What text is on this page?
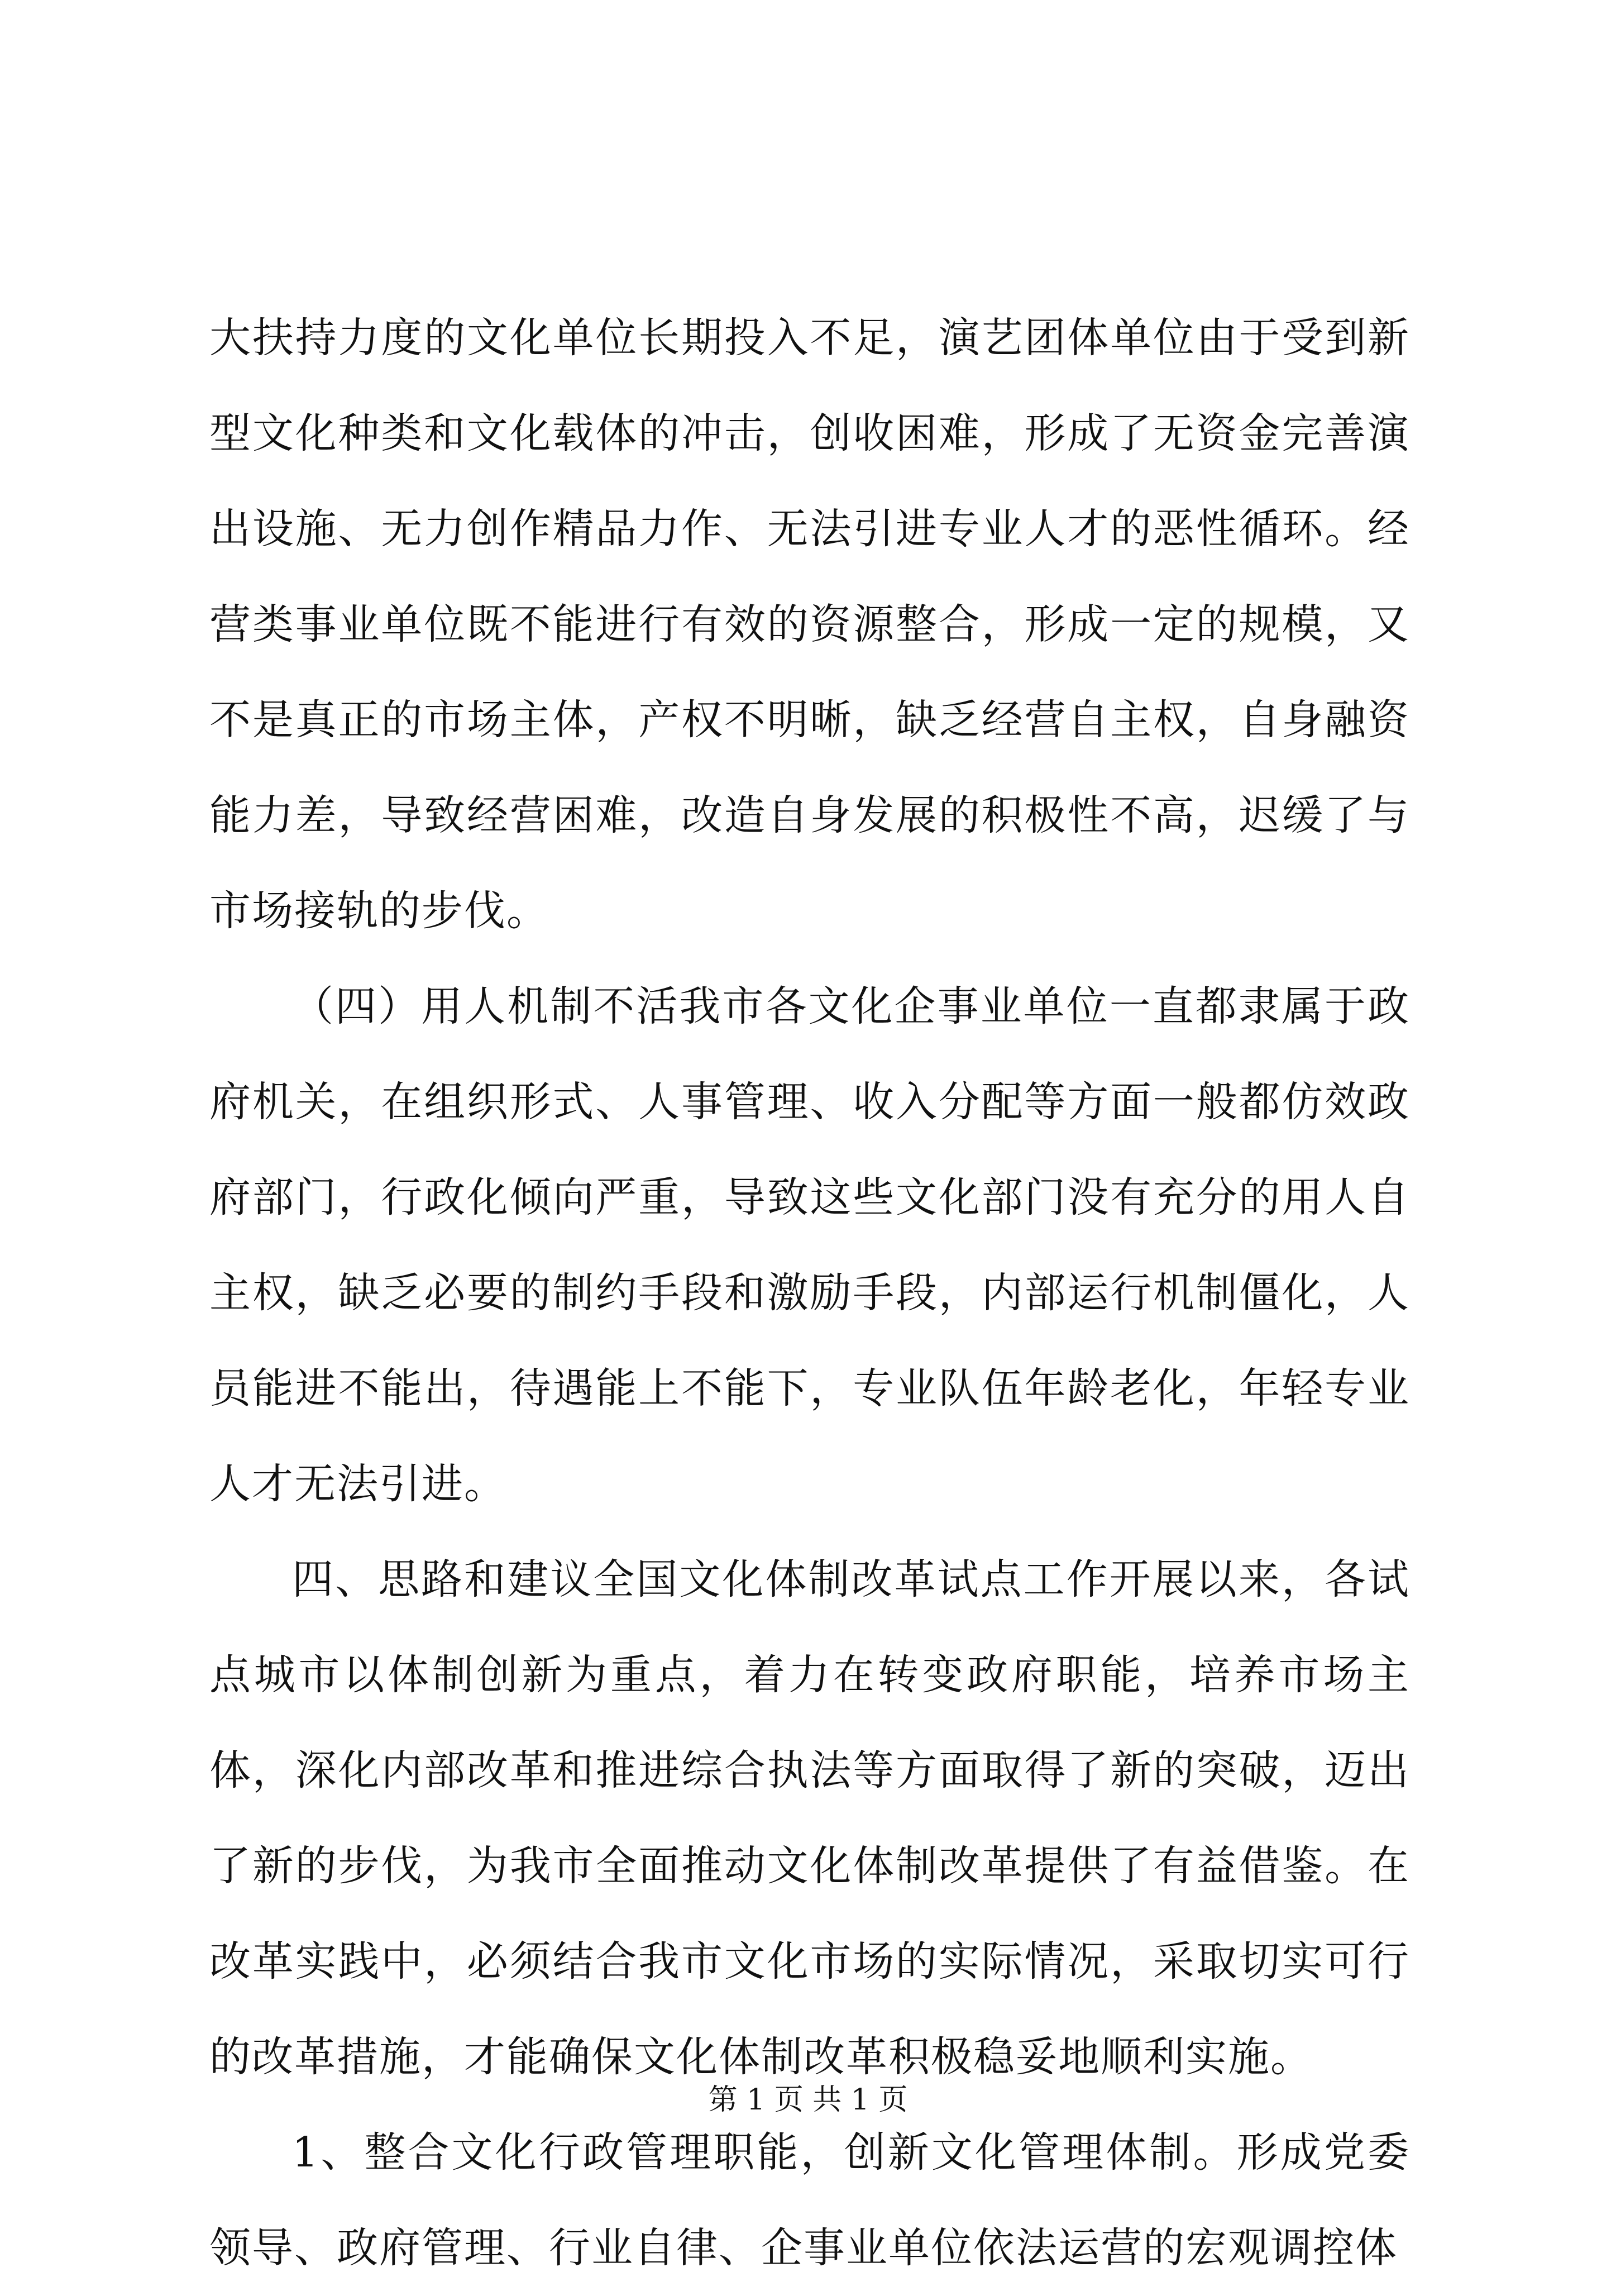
大扶持力度的文化单位长期投入不足，演艺团体单位由于受到新型文化种类和文化载体的冲击，创收困难，形成了无资金完善演出设施、无力创作精品力作、无法引进专业人才的恶性循环。经营类事业单位既不能进行有效的资源整合，形成一定的规模，又不是真正的市场主体，产权不明晰，缺乏经营自主权，自身融资能力差，导致经营困难，改造自身发展的积极性不高，迟缓了与市场接轨的步伐。

（四）用人机制不活我市各文化企事业单位一直都隶属于政府机关，在组织形式、人事管理、收入分配等方面一般都仿效政府部门，行政化倾向严重，导致这些文化部门没有充分的用人自主权，缺乏必要的制约手段和激励手段，内部运行机制僵化，人员能进不能出，待遇能上不能下，专业队伍年龄老化，年轻专业人才无法引进。

四、思路和建议全国文化体制改革试点工作开展以来，各试点城市以体制创新为重点，着力在转变政府职能，培养市场主体，深化内部改革和推进综合执法等方面取得了新的突破，迈出了新的步伐，为我市全面推动文化体制改革提供了有益借鉴。在改革实践中，必须结合我市文化市场的实际情况，采取切实可行的改革措施，才能确保文化体制改革积极稳妥地顺利实施。

1、整合文化行政管理职能，创新文化管理体制。形成党委领导、政府管理、行业自律、企事业单位依法运营的宏观调控体

第 1 页 共 1 页
